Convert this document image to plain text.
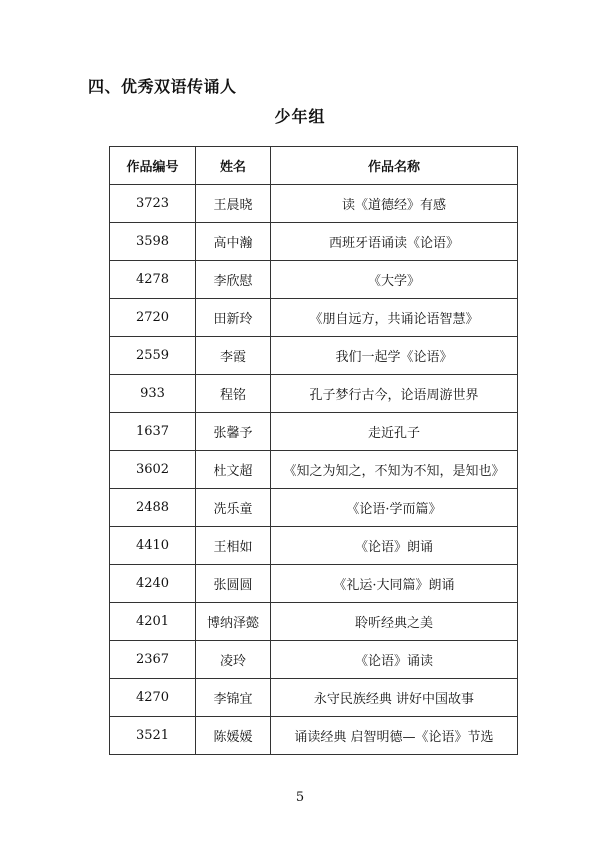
四、优秀双语传诵人
少年组
作品编号	姓名	作品名称
3723	王晨晓	读《道德经》有感
3598	高中瀚	西班牙语诵读《论语》
4278	李欣慰	《大学》
2720	田新玲	《朋自远方，共诵论语智慧》
2559	李霞	我们一起学《论语》
933	程铭	孔子梦行古今，论语周游世界
1637	张馨予	走近孔子
3602	杜文超	《知之为知之，不知为不知，是知也》
2488	冼乐童	《论语·学而篇》
4410	王相如	《论语》朗诵
4240	张圆圆	《礼运·大同篇》朗诵
4201	博纳泽懿	聆听经典之美
2367	凌玲	《论语》诵读
4270	李锦宜	永守民族经典 讲好中国故事
3521	陈媛媛	诵读经典 启智明德—《论语》节选
5
